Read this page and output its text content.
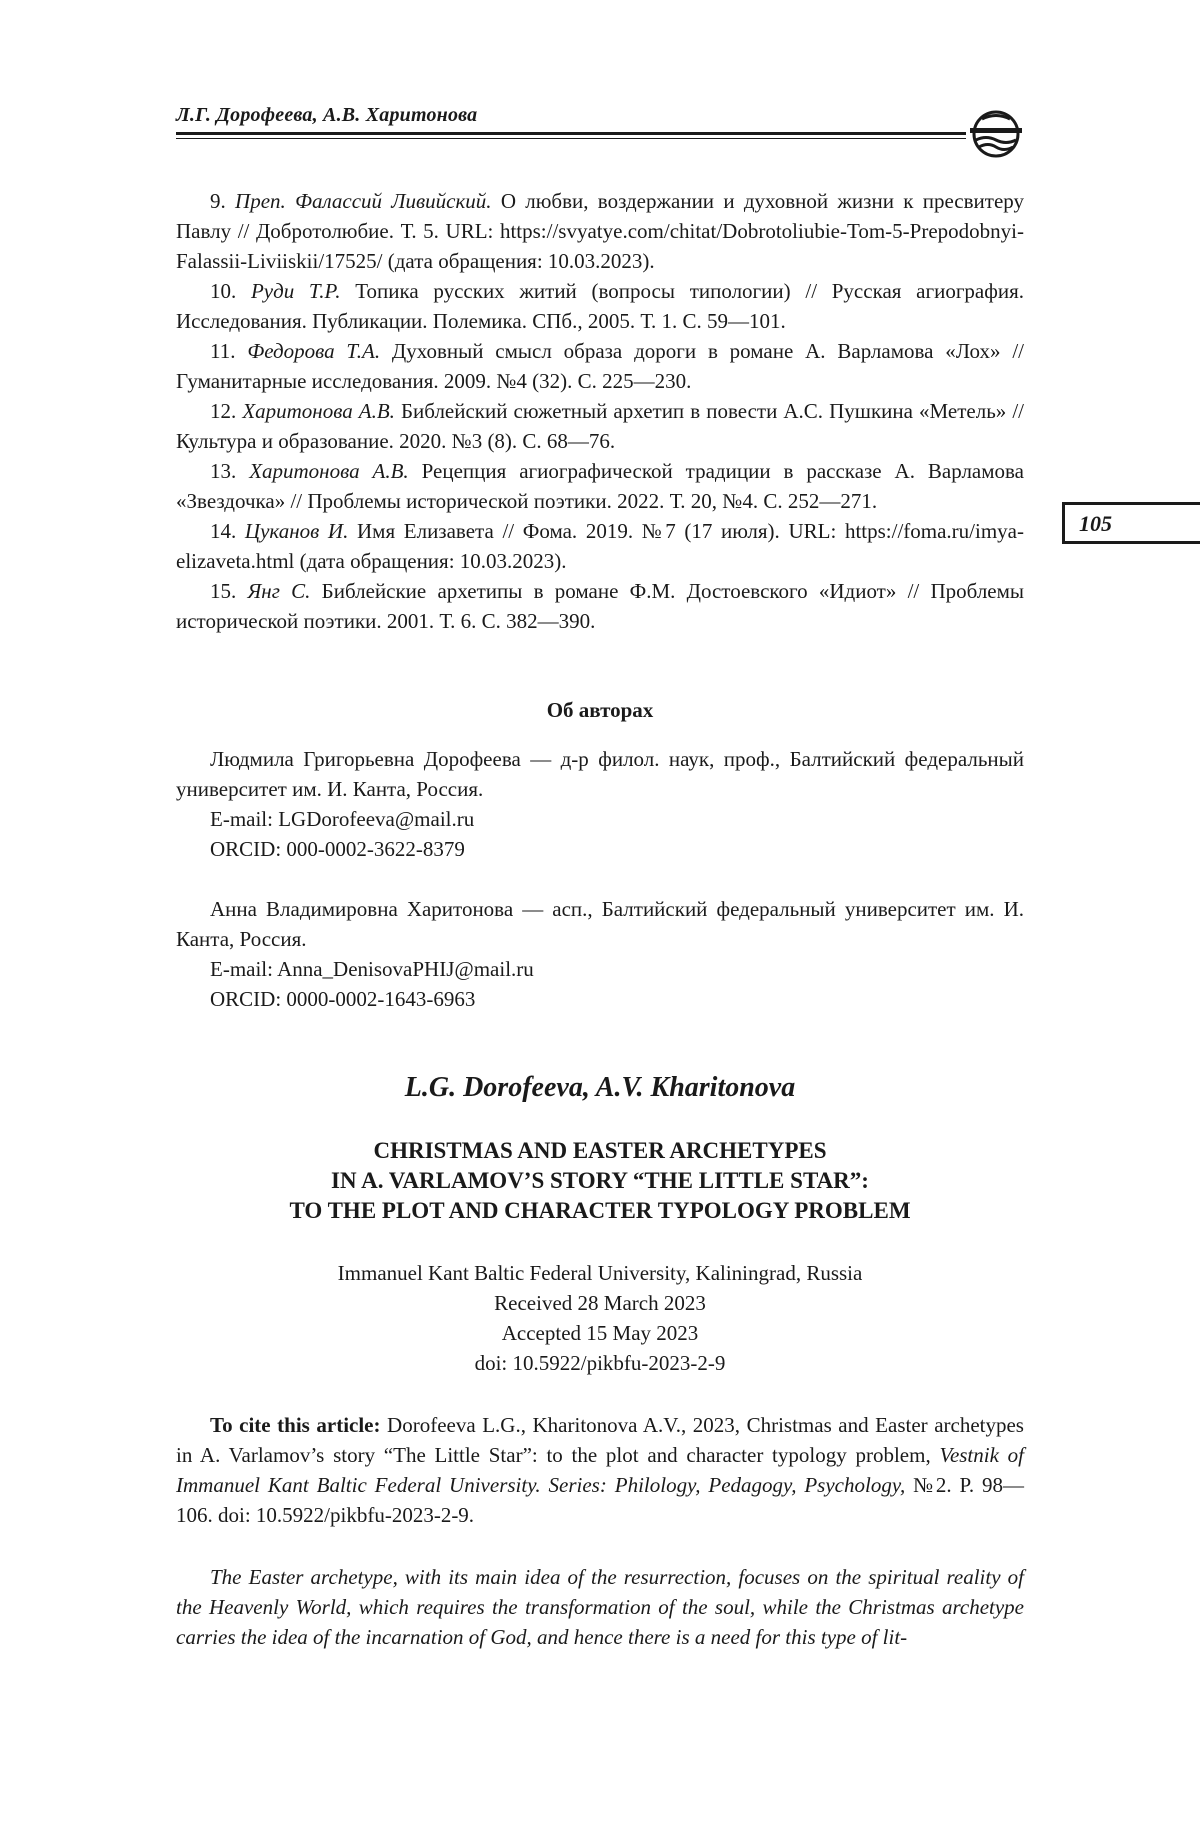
Л.Г. Дорофеева, А.В. Харитонова
105

9. Преп. Фалассий Ливийский. О любви, воздержании и духовной жизни к пресвитеру Павлу // Добротолюбие. Т. 5. URL: https://svyatye.com/chitat/Dobrotoliubie-Tom-5-Prepodobnyi-Falassii-Liviiskii/17525/ (дата обращения: 10.03.2023).

10. Руди Т.Р. Топика русских житий (вопросы типологии) // Русская агиография. Исследования. Публикации. Полемика. СПб., 2005. Т. 1. С. 59—101.

11. Федорова Т.А. Духовный смысл образа дороги в романе А. Варламова «Лох» // Гуманитарные исследования. 2009. №4 (32). С. 225—230.

12. Харитонова А.В. Библейский сюжетный архетип в повести А.С. Пушкина «Метель» // Культура и образование. 2020. №3 (8). С. 68—76.

13. Харитонова А.В. Рецепция агиографической традиции в рассказе А. Варламова «Звездочка» // Проблемы исторической поэтики. 2022. Т. 20, №4. С. 252—271.

14. Цуканов И. Имя Елизавета // Фома. 2019. №7 (17 июля). URL: https://foma.ru/imya-elizaveta.html (дата обращения: 10.03.2023).

15. Янг С. Библейские архетипы в романе Ф.М. Достоевского «Идиот» // Проблемы исторической поэтики. 2001. Т. 6. С. 382—390.

Об авторах

Людмила Григорьевна Дорофеева — д-р филол. наук, проф., Балтийский федеральный университет им. И. Канта, Россия.

E-mail: LGDorofeeva@mail.ru

ORCID: 000-0002-3622-8379

Анна Владимировна Харитонова — асп., Балтийский федеральный университет им. И. Канта, Россия.

E-mail: Anna_DenisovaPHIJ@mail.ru

ORCID: 0000-0002-1643-6963

L.G. Dorofeeva, A.V. Kharitonova
CHRISTMAS AND EASTER ARCHETYPES
IN A. VARLAMOV’S STORY “THE LITTLE STAR”:
TO THE PLOT AND CHARACTER TYPOLOGY PROBLEM
Immanuel Kant Baltic Federal University, Kaliningrad, Russia
Received 28 March 2023
Accepted 15 May 2023
doi: 10.5922/pikbfu-2023-2-9

To cite this article: Dorofeeva L.G., Kharitonova A.V., 2023, Christmas and Easter archetypes in A. Varlamov’s story “The Little Star”: to the plot and character typology problem, Vestnik of Immanuel Kant Baltic Federal University. Series: Philology, Pedagogy, Psychology, №2. P. 98—106. doi: 10.5922/pikbfu-2023-2-9.

The Easter archetype, with its main idea of the resurrection, focuses on the spiritual reality of the Heavenly World, which requires the transformation of the soul, while the Christmas archetype carries the idea of the incarnation of God, and hence there is a need for this type of lit-
